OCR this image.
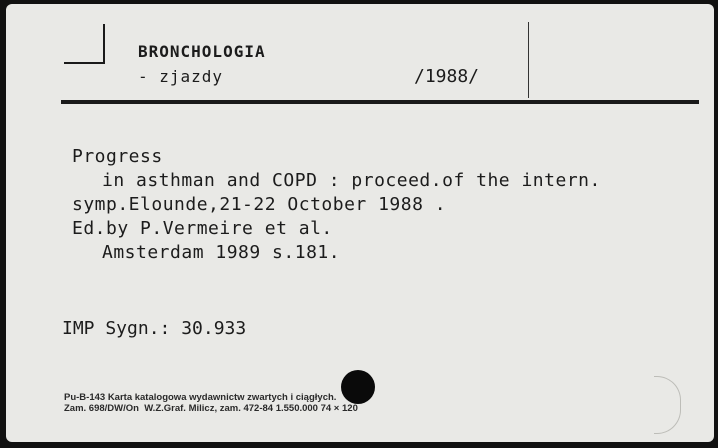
BRONCHOLOGIA
- zjazdy	/1988/
Progress
in asthman and COPD : proceed.of the intern.
symp.Elounde,21-22 October 1988 .
Ed.by P.Vermeire et al.
Amsterdam 1989 s.181.
IMP Sygn.: 30.933
Pu-B-143 Karta katalogowa wydawnictw zwartych i ciągłych.
Zam. 698/DW/On  W.Z.Graf. Milicz, zam. 472-84 1.550.000 74 × 120
